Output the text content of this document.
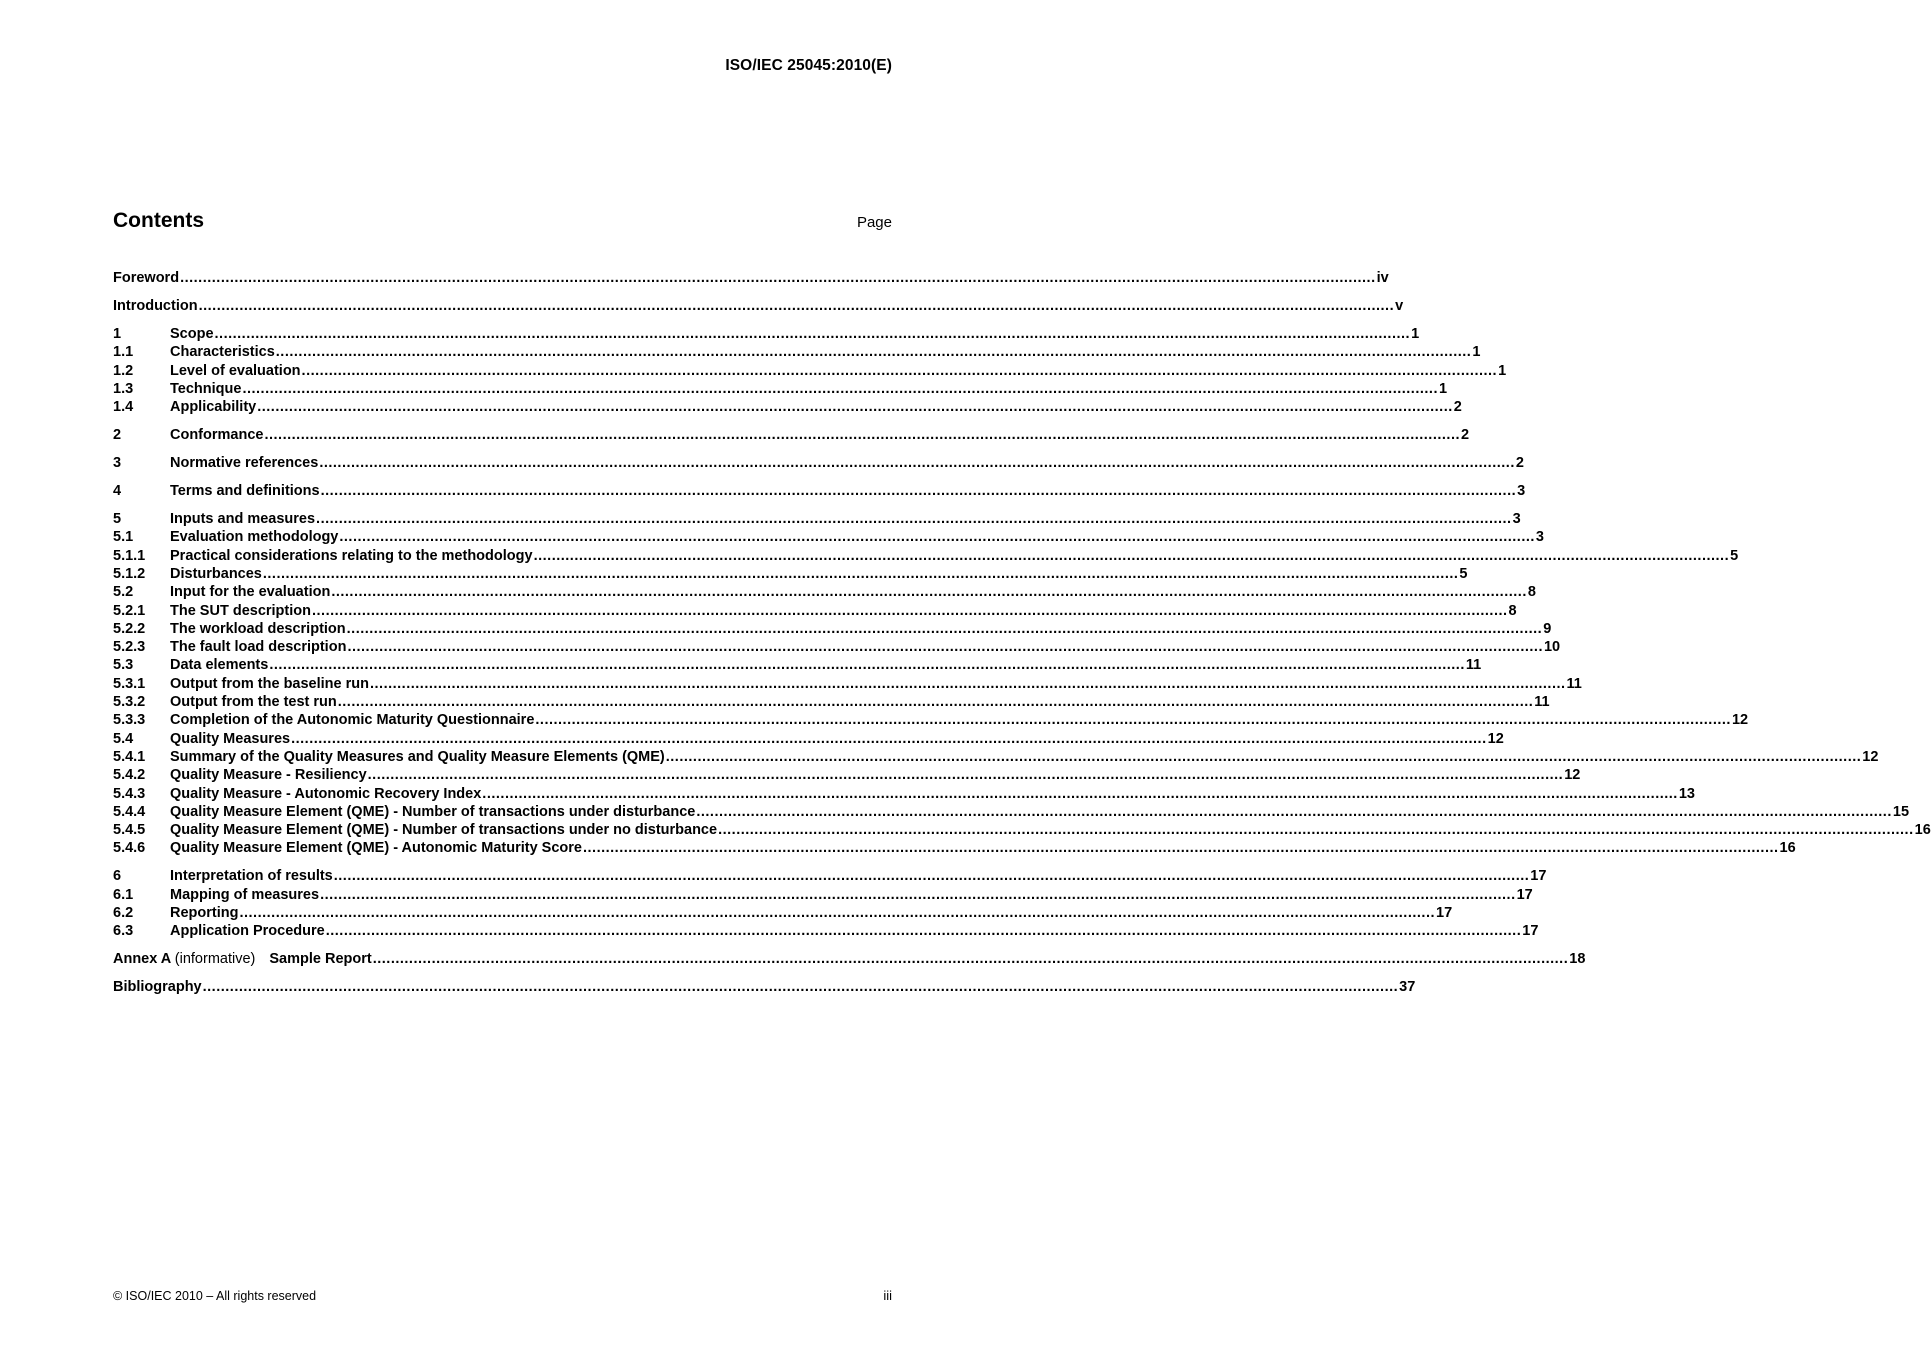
ISO/IEC 25045:2010(E)
Contents	Page
Foreword .....	iv
Introduction .....	v
1	Scope .....	1
1.1	Characteristics .....	1
1.2	Level of evaluation .....	1
1.3	Technique .....	1
1.4	Applicability .....	2
2	Conformance .....	2
3	Normative references .....	2
4	Terms and definitions .....	3
5	Inputs and measures .....	3
5.1	Evaluation methodology .....	3
5.1.1	Practical considerations relating to the methodology .....	5
5.1.2	Disturbances .....	5
5.2	Input for the evaluation .....	8
5.2.1	The SUT description .....	8
5.2.2	The workload description .....	9
5.2.3	The fault load description .....	10
5.3	Data elements .....	11
5.3.1	Output from the baseline run .....	11
5.3.2	Output from the test run .....	11
5.3.3	Completion of the Autonomic Maturity Questionnaire .....	12
5.4	Quality Measures .....	12
5.4.1	Summary of the Quality Measures and Quality Measure Elements (QME) .....	12
5.4.2	Quality Measure - Resiliency .....	12
5.4.3	Quality Measure - Autonomic Recovery Index .....	13
5.4.4	Quality Measure Element (QME) - Number of transactions under disturbance .....	15
5.4.5	Quality Measure Element (QME) - Number of transactions under no disturbance .....	16
5.4.6	Quality Measure Element (QME) - Autonomic Maturity Score .....	16
6	Interpretation of results .....	17
6.1	Mapping of measures .....	17
6.2	Reporting .....	17
6.3	Application Procedure .....	17
Annex A (informative) Sample Report .....	18
Bibliography .....	37
© ISO/IEC 2010 – All rights reserved	iii
